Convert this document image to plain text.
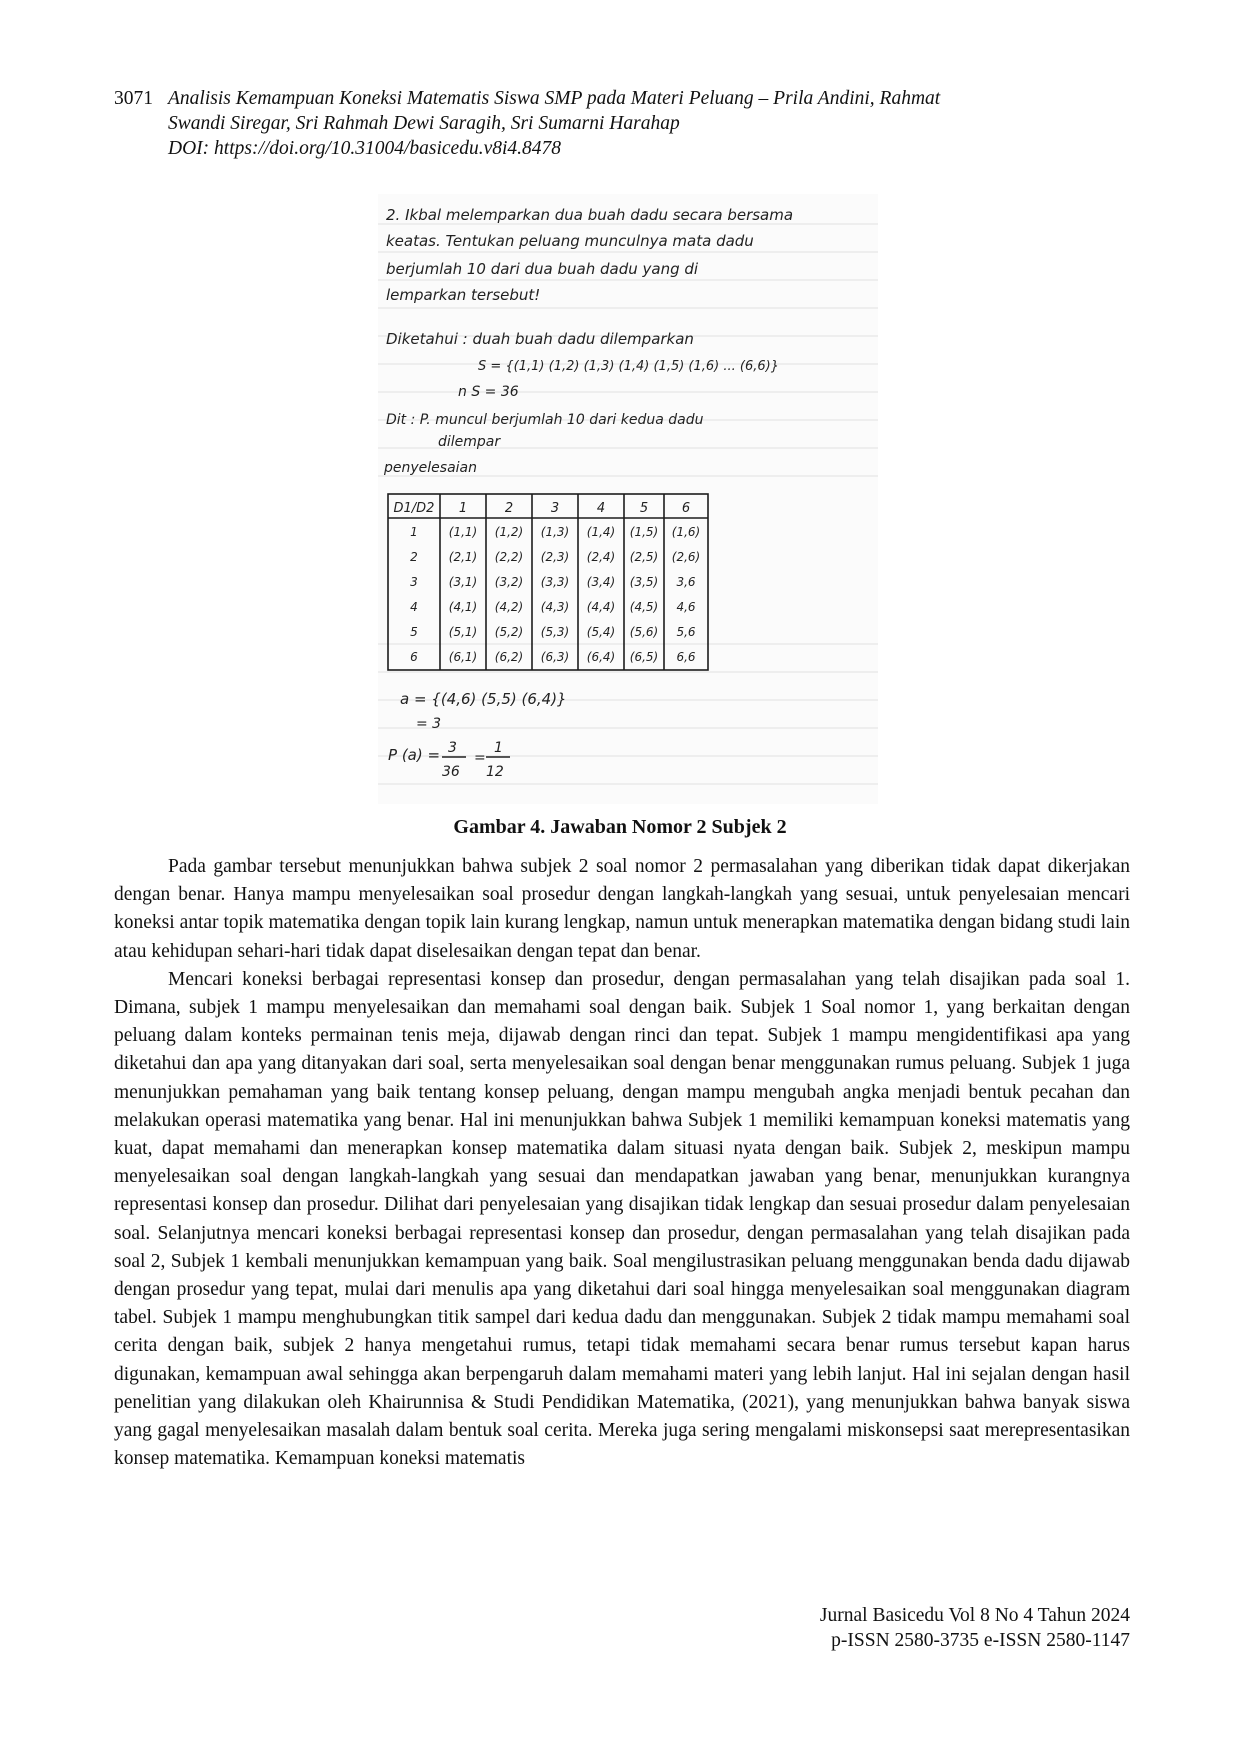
3071 Analisis Kemampuan Koneksi Matematis Siswa SMP pada Materi Peluang – Prila Andini, Rahmat
Swandi Siregar, Sri Rahmah Dewi Saragih, Sri Sumarni Harahap
DOI: https://doi.org/10.31004/basicedu.v8i4.8478
2. Ikbal melemparkan dua buah dadu secara bersama
keatas. Tentukan peluang munculnya mata dadu
berjumlah 10 dari dua buah dadu yang di
lemparkan tersebut!
Diketahui : duah buah dadu dilemparkan
S = {(1,1) (1,2) (1,3) (1,4) (1,5) (1,6) ... (6,6)}
n S = 36
Dit : P. muncul berjumlah 10 dari kedua dadu
dilempar
penyelesaian
D1/D2 1	2	3	4	5	6
1	(1,1) (1,2) (1,3) (1,4) (1,5) (1,6)
2	(2,1) (2,2) (2,3) (2,4) (2,5) (2,6)
3	(3,1) (3,2) (3,3) (3,4) (3,5) 3,6
4	(4,1) (4,2) (4,3) (4,4) (4,5) 4,6
5	(5,1) (5,2) (5,3) (5,4) (5,6) 5,6
6	(6,1) (6,2) (6,3) (6,4) (6,5) 6,6
a = {(4,6) (5,5) (6,4)}
= 3
P (a) = 3
36
=
1
12
Gambar 4. Jawaban Nomor 2 Subjek 2

Pada gambar tersebut menunjukkan bahwa subjek 2 soal nomor 2 permasalahan yang diberikan tidak dapat dikerjakan dengan benar. Hanya mampu menyelesaikan soal prosedur dengan langkah-langkah yang sesuai, untuk penyelesaian mencari koneksi antar topik matematika dengan topik lain kurang lengkap, namun untuk menerapkan matematika dengan bidang studi lain atau kehidupan sehari-hari tidak dapat diselesaikan dengan tepat dan benar.

Mencari koneksi berbagai representasi konsep dan prosedur, dengan permasalahan yang telah disajikan pada soal 1. Dimana, subjek 1 mampu menyelesaikan dan memahami soal dengan baik. Subjek 1 Soal nomor 1, yang berkaitan dengan peluang dalam konteks permainan tenis meja, dijawab dengan rinci dan tepat. Subjek 1 mampu mengidentifikasi apa yang diketahui dan apa yang ditanyakan dari soal, serta menyelesaikan soal dengan benar menggunakan rumus peluang. Subjek 1 juga menunjukkan pemahaman yang baik tentang konsep peluang, dengan mampu mengubah angka menjadi bentuk pecahan dan melakukan operasi matematika yang benar. Hal ini menunjukkan bahwa Subjek 1 memiliki kemampuan koneksi matematis yang kuat, dapat memahami dan menerapkan konsep matematika dalam situasi nyata dengan baik. Subjek 2, meskipun mampu menyelesaikan soal dengan langkah-langkah yang sesuai dan mendapatkan jawaban yang benar, menunjukkan kurangnya representasi konsep dan prosedur. Dilihat dari penyelesaian yang disajikan tidak lengkap dan sesuai prosedur dalam penyelesaian soal. Selanjutnya mencari koneksi berbagai representasi konsep dan prosedur, dengan permasalahan yang telah disajikan pada soal 2, Subjek 1 kembali menunjukkan kemampuan yang baik. Soal mengilustrasikan peluang menggunakan benda dadu dijawab dengan prosedur yang tepat, mulai dari menulis apa yang diketahui dari soal hingga menyelesaikan soal menggunakan diagram tabel. Subjek 1 mampu menghubungkan titik sampel dari kedua dadu dan menggunakan. Subjek 2 tidak mampu memahami soal cerita dengan baik, subjek 2 hanya mengetahui rumus, tetapi tidak memahami secara benar rumus tersebut kapan harus digunakan, kemampuan awal sehingga akan berpengaruh dalam memahami materi yang lebih lanjut. Hal ini sejalan dengan hasil penelitian yang dilakukan oleh Khairunnisa & Studi Pendidikan Matematika, (2021), yang menunjukkan bahwa banyak siswa yang gagal menyelesaikan masalah dalam bentuk soal cerita. Mereka juga sering mengalami miskonsepsi saat merepresentasikan konsep matematika. Kemampuan koneksi matematis

Jurnal Basicedu Vol 8 No 4 Tahun 2024
p-ISSN 2580-3735 e-ISSN 2580-1147
